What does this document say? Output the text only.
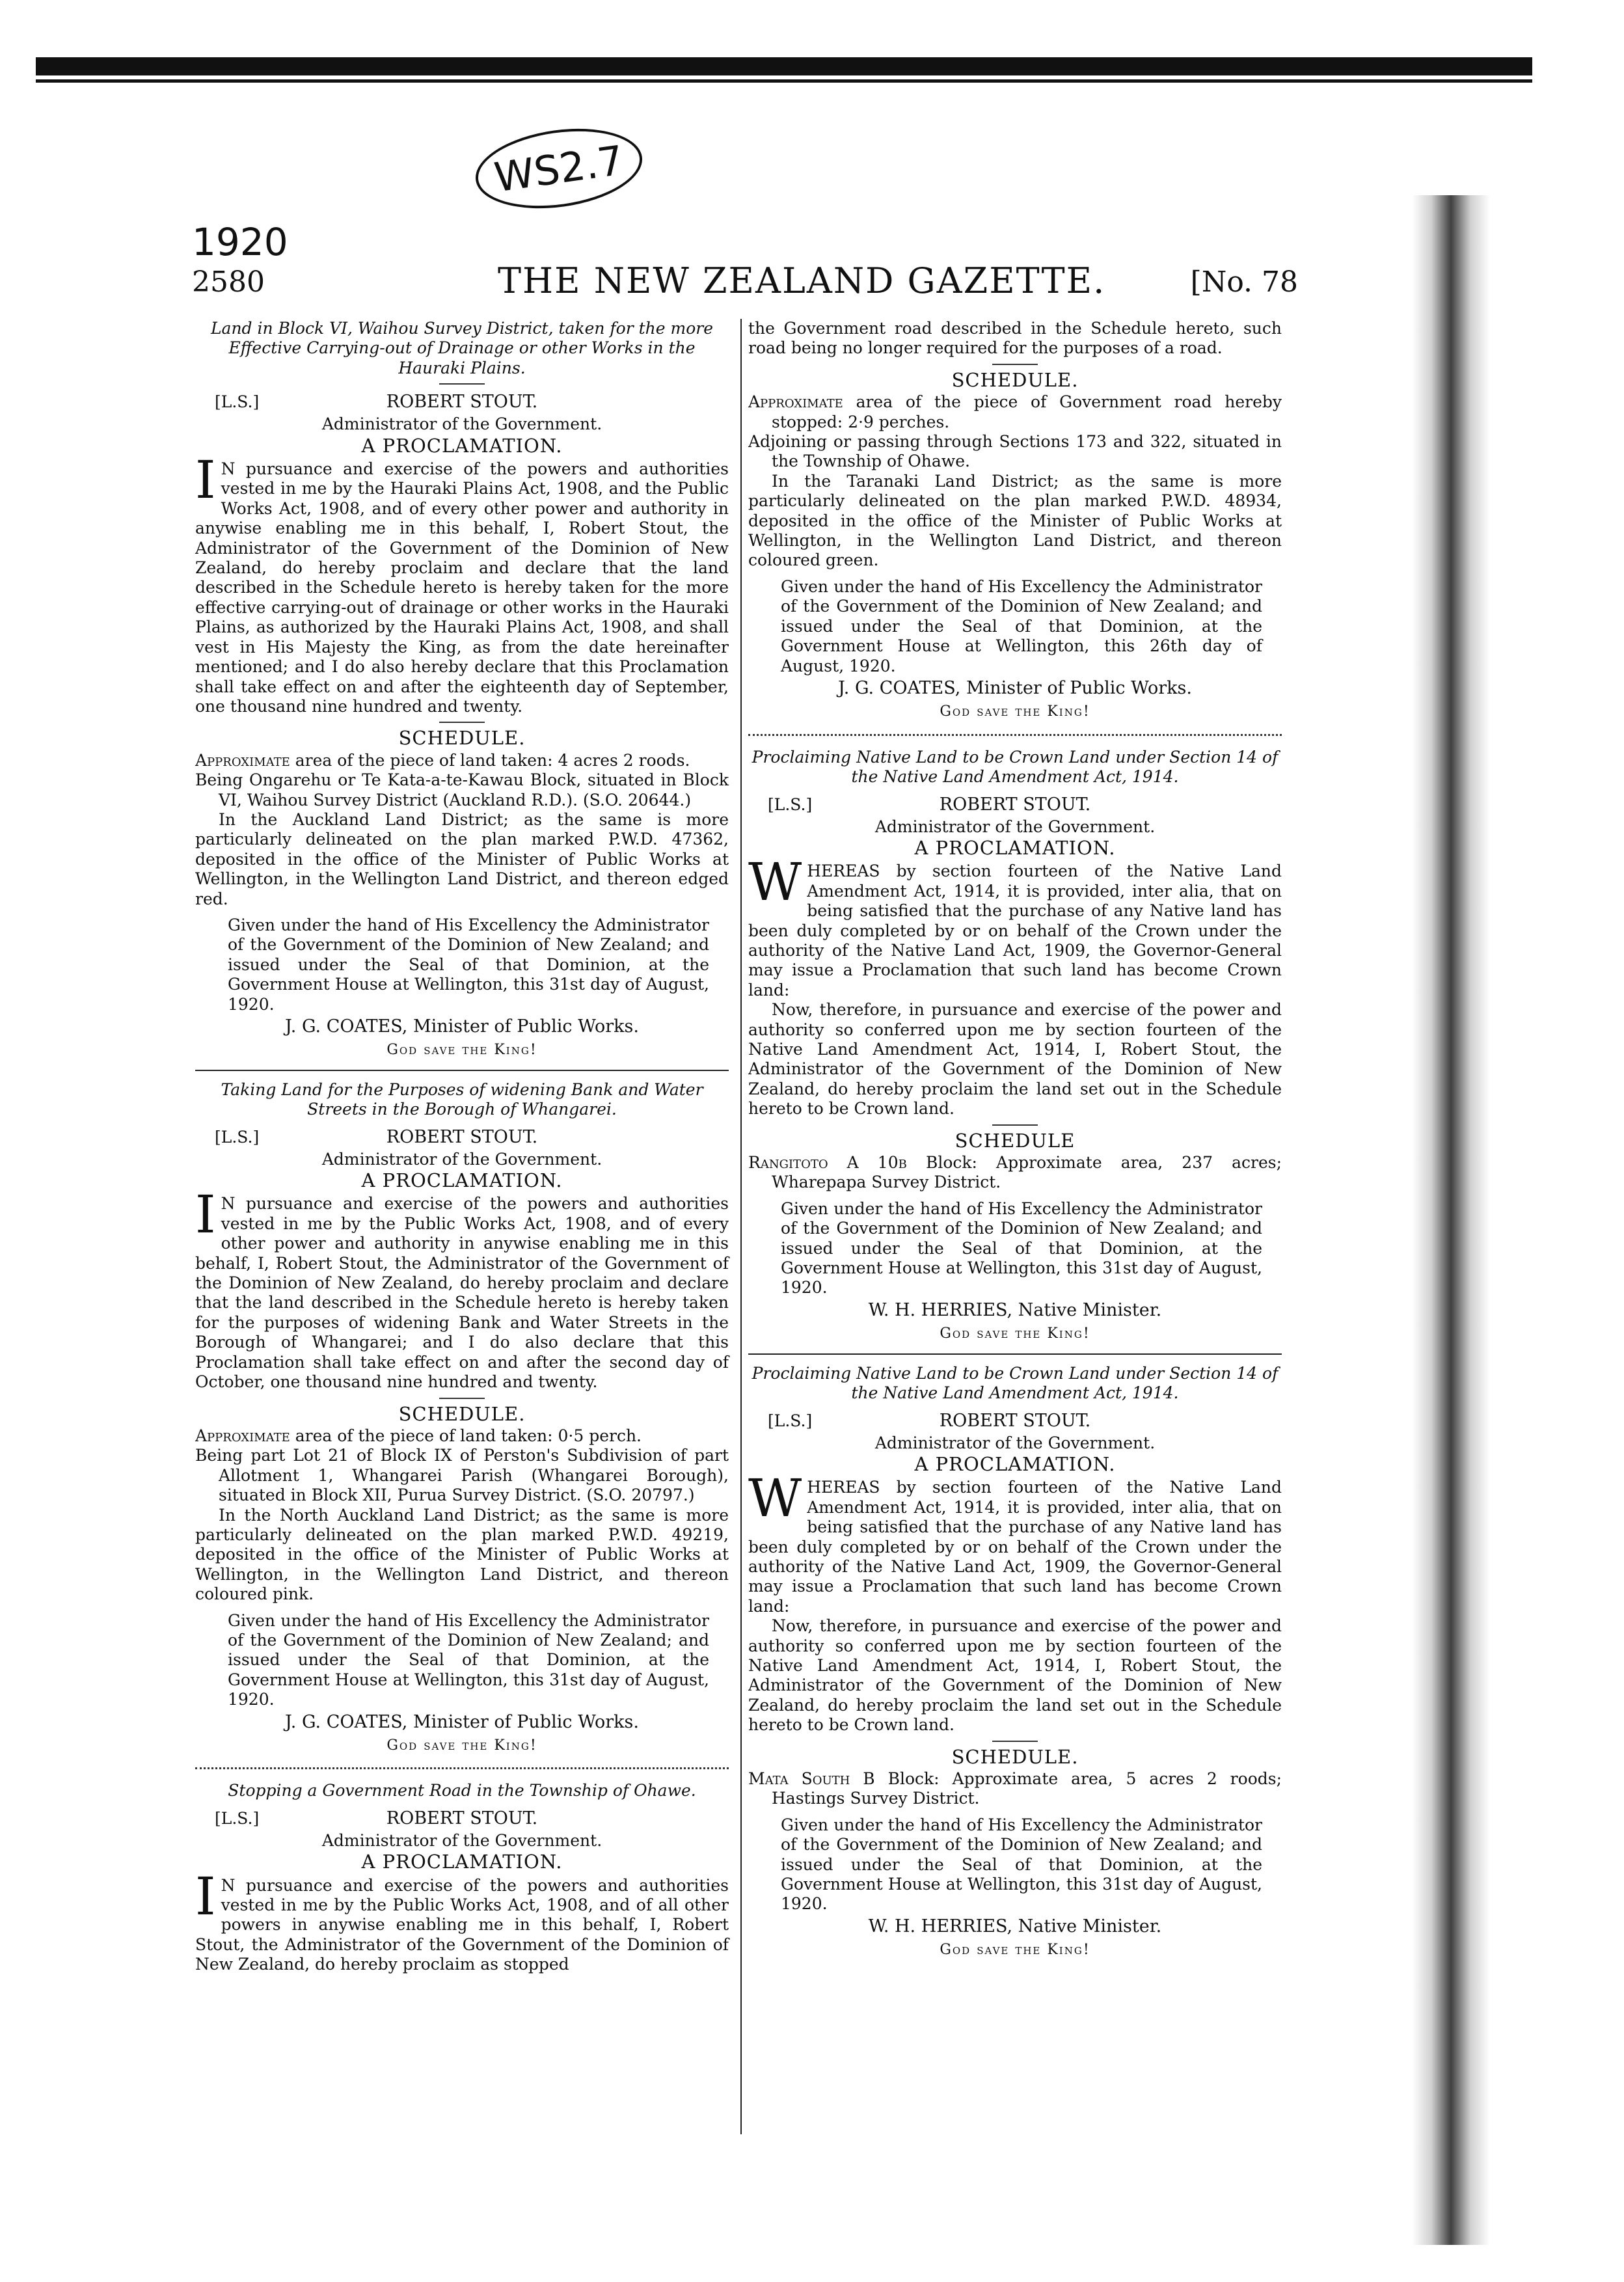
WS2.7
1920
2580	THE NEW ZEALAND GAZETTE.	[No. 78

Land in Block VI, Waihou Survey District, taken for the more Effective Carrying-out of Drainage or other Works in the Hauraki Plains.

[L.S.]	ROBERT STOUT.

Administrator of the Government.

A PROCLAMATION.

IN pursuance and exercise of the powers and authorities vested in me by the Hauraki Plains Act, 1908, and the Public Works Act, 1908, and of every other power and authority in anywise enabling me in this behalf, I, Robert Stout, the Administrator of the Government of the Dominion of New Zealand, do hereby proclaim and declare that the land described in the Schedule hereto is hereby taken for the more effective carrying-out of drainage or other works in the Hauraki Plains, as authorized by the Hauraki Plains Act, 1908, and shall vest in His Majesty the King, as from the date hereinafter mentioned; and I do also hereby declare that this Proclamation shall take effect on and after the eighteenth day of September, one thousand nine hundred and twenty.

SCHEDULE.

Approximate area of the piece of land taken: 4 acres 2 roods.

Being Ongarehu or Te Kata-a-te-Kawau Block, situated in Block VI, Waihou Survey District (Auckland R.D.). (S.O. 20644.)

In the Auckland Land District; as the same is more particularly delineated on the plan marked P.W.D. 47362, deposited in the office of the Minister of Public Works at Wellington, in the Wellington Land District, and thereon edged red.

Given under the hand of His Excellency the Administrator of the Government of the Dominion of New Zealand; and issued under the Seal of that Dominion, at the Government House at Wellington, this 31st day of August, 1920.

J. G. COATES, Minister of Public Works.

God save the King!

Taking Land for the Purposes of widening Bank and Water Streets in the Borough of Whangarei.

[L.S.]	ROBERT STOUT.

Administrator of the Government.

A PROCLAMATION.

IN pursuance and exercise of the powers and authorities vested in me by the Public Works Act, 1908, and of every other power and authority in anywise enabling me in this behalf, I, Robert Stout, the Administrator of the Government of the Dominion of New Zealand, do hereby proclaim and declare that the land described in the Schedule hereto is hereby taken for the purposes of widening Bank and Water Streets in the Borough of Whangarei; and I do also declare that this Proclamation shall take effect on and after the second day of October, one thousand nine hundred and twenty.

SCHEDULE.

Approximate area of the piece of land taken: 0·5 perch.

Being part Lot 21 of Block IX of Perston's Subdivision of part Allotment 1, Whangarei Parish (Whangarei Borough), situated in Block XII, Purua Survey District. (S.O. 20797.)

In the North Auckland Land District; as the same is more particularly delineated on the plan marked P.W.D. 49219, deposited in the office of the Minister of Public Works at Wellington, in the Wellington Land District, and thereon coloured pink.

Given under the hand of His Excellency the Administrator of the Government of the Dominion of New Zealand; and issued under the Seal of that Dominion, at the Government House at Wellington, this 31st day of August, 1920.

J. G. COATES, Minister of Public Works.

God save the King!

Stopping a Government Road in the Township of Ohawe.

[L.S.]	ROBERT STOUT.

Administrator of the Government.

A PROCLAMATION.

IN pursuance and exercise of the powers and authorities vested in me by the Public Works Act, 1908, and of all other powers in anywise enabling me in this behalf, I, Robert Stout, the Administrator of the Government of the Dominion of New Zealand, do hereby proclaim as stopped

the Government road described in the Schedule hereto, such road being no longer required for the purposes of a road.

SCHEDULE.

Approximate area of the piece of Government road hereby stopped: 2·9 perches.

Adjoining or passing through Sections 173 and 322, situated in the Township of Ohawe.

In the Taranaki Land District; as the same is more particularly delineated on the plan marked P.W.D. 48934, deposited in the office of the Minister of Public Works at Wellington, in the Wellington Land District, and thereon coloured green.

Given under the hand of His Excellency the Administrator of the Government of the Dominion of New Zealand; and issued under the Seal of that Dominion, at the Government House at Wellington, this 26th day of August, 1920.

J. G. COATES, Minister of Public Works.

God save the King!

Proclaiming Native Land to be Crown Land under Section 14 of the Native Land Amendment Act, 1914.

[L.S.]	ROBERT STOUT.

Administrator of the Government.

A PROCLAMATION.

WHEREAS by section fourteen of the Native Land Amendment Act, 1914, it is provided, inter alia, that on being satisfied that the purchase of any Native land has been duly completed by or on behalf of the Crown under the authority of the Native Land Act, 1909, the Governor-General may issue a Proclamation that such land has become Crown land:

Now, therefore, in pursuance and exercise of the power and authority so conferred upon me by section fourteen of the Native Land Amendment Act, 1914, I, Robert Stout, the Administrator of the Government of the Dominion of New Zealand, do hereby proclaim the land set out in the Schedule hereto to be Crown land.

SCHEDULE

Rangitoto A 10b Block: Approximate area, 237 acres; Wharepapa Survey District.

Given under the hand of His Excellency the Administrator of the Government of the Dominion of New Zealand; and issued under the Seal of that Dominion, at the Government House at Wellington, this 31st day of August, 1920.

W. H. HERRIES, Native Minister.

God save the King!

Proclaiming Native Land to be Crown Land under Section 14 of the Native Land Amendment Act, 1914.

[L.S.]	ROBERT STOUT.

Administrator of the Government.

A PROCLAMATION.

WHEREAS by section fourteen of the Native Land Amendment Act, 1914, it is provided, inter alia, that on being satisfied that the purchase of any Native land has been duly completed by or on behalf of the Crown under the authority of the Native Land Act, 1909, the Governor-General may issue a Proclamation that such land has become Crown land:

Now, therefore, in pursuance and exercise of the power and authority so conferred upon me by section fourteen of the Native Land Amendment Act, 1914, I, Robert Stout, the Administrator of the Government of the Dominion of New Zealand, do hereby proclaim the land set out in the Schedule hereto to be Crown land.

SCHEDULE.

Mata South B Block: Approximate area, 5 acres 2 roods; Hastings Survey District.

Given under the hand of His Excellency the Administrator of the Government of the Dominion of New Zealand; and issued under the Seal of that Dominion, at the Government House at Wellington, this 31st day of August, 1920.

W. H. HERRIES, Native Minister.

God save the King!
